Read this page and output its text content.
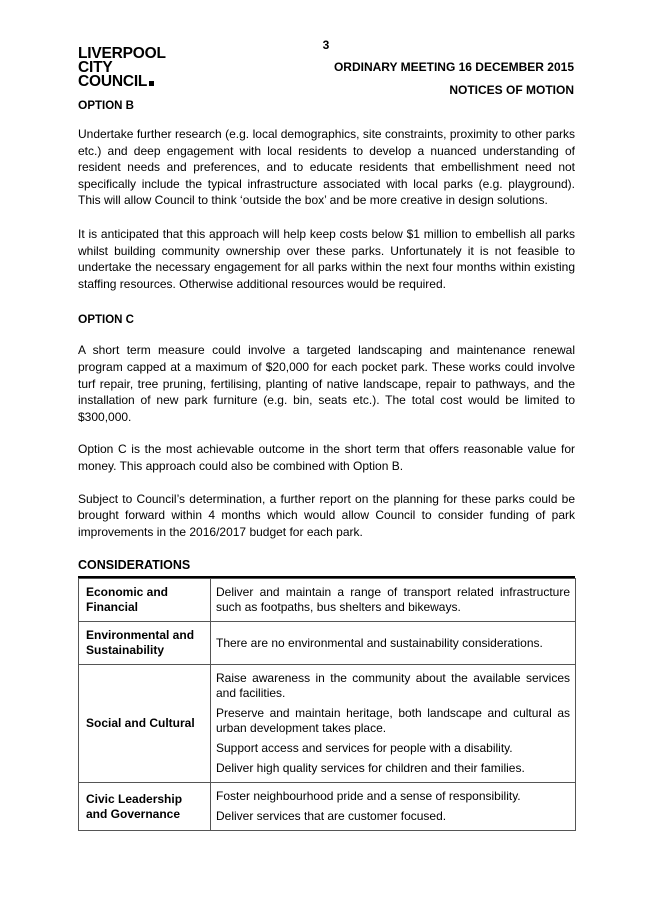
3
LIVERPOOL
CITY
COUNCIL
ORDINARY MEETING 16 DECEMBER 2015
NOTICES OF MOTION

OPTION B

Undertake further research (e.g. local demographics, site constraints, proximity to other parks etc.) and deep engagement with local residents to develop a nuanced understanding of resident needs and preferences, and to educate residents that embellishment need not specifically include the typical infrastructure associated with local parks (e.g. playground). This will allow Council to think ‘outside the box’ and be more creative in design solutions.

It is anticipated that this approach will help keep costs below $1 million to embellish all parks whilst building community ownership over these parks. Unfortunately it is not feasible to undertake the necessary engagement for all parks within the next four months within existing staffing resources. Otherwise additional resources would be required.

OPTION C

A short term measure could involve a targeted landscaping and maintenance renewal program capped at a maximum of $20,000 for each pocket park. These works could involve turf repair, tree pruning, fertilising, planting of native landscape, repair to pathways, and the installation of new park furniture (e.g. bin, seats etc.). The total cost would be limited to $300,000.

Option C is the most achievable outcome in the short term that offers reasonable value for money. This approach could also be combined with Option B.

Subject to Council’s determination, a further report on the planning for these parks could be brought forward within 4 months which would allow Council to consider funding of park improvements in the 2016/2017 budget for each park.

CONSIDERATIONS

Economic and Financial	Deliver and maintain a range of transport related infrastructure such as footpaths, bus shelters and bikeways.

Environmental and Sustainability	There are no environmental and sustainability considerations.

Social and Cultural	Raise awareness in the community about the available services and facilities.

Preserve and maintain heritage, both landscape and cultural as urban development takes place.

Support access and services for people with a disability.

Deliver high quality services for children and their families.

Civic Leadership and Governance	Foster neighbourhood pride and a sense of responsibility.

Deliver services that are customer focused.
